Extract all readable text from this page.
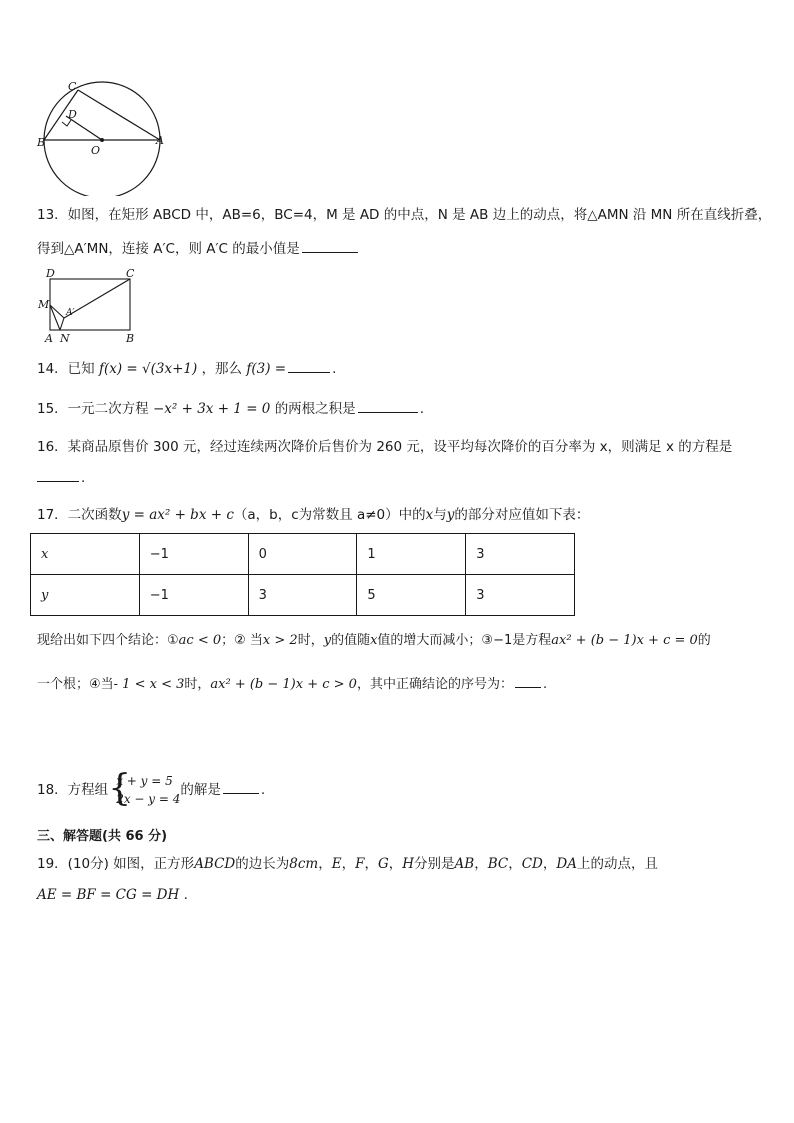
C
D
B
O
A
13．如图，在矩形 ABCD 中，AB=6，BC=4，M 是 AD 的中点，N 是 AB 边上的动点，将△AMN 沿 MN 所在直线折叠，
得到△A′MN，连接 A′C，则 A′C 的最小值是
D	C
M
A′
A N	B
14．已知 f(x) = √(3x+1) ，那么 f(3) =	.
15．一元二次方程 −x² + 3x + 1 = 0 的两根之积是	.
16．某商品原售价 300 元，经过连续两次降价后售价为 260 元，设平均每次降价的百分率为 x，则满足 x 的方程是
.
17．二次函数y = ax² + bx + c（a，b，c为常数且 a≠0）中的x与y的部分对应值如下表：
x	−1	0	1	3
y	−1	3	5	3
现给出如下四个结论：①ac < 0；② 当x > 2时，y的值随x值的增大而减小；③−1是方程ax² + (b − 1)x + c = 0的
一个根；④当- 1 < x < 3时，ax² + (b − 1)x + c > 0，其中正确结论的序号为： .
18．方程组 {
x + y = 5
2x − y = 4
的解是	.
三、解答题(共 66 分)
19．(10分) 如图，正方形ABCD的边长为8cm，E，F，G，H分别是AB，BC，CD，DA上的动点，且
AE = BF = CG = DH .
